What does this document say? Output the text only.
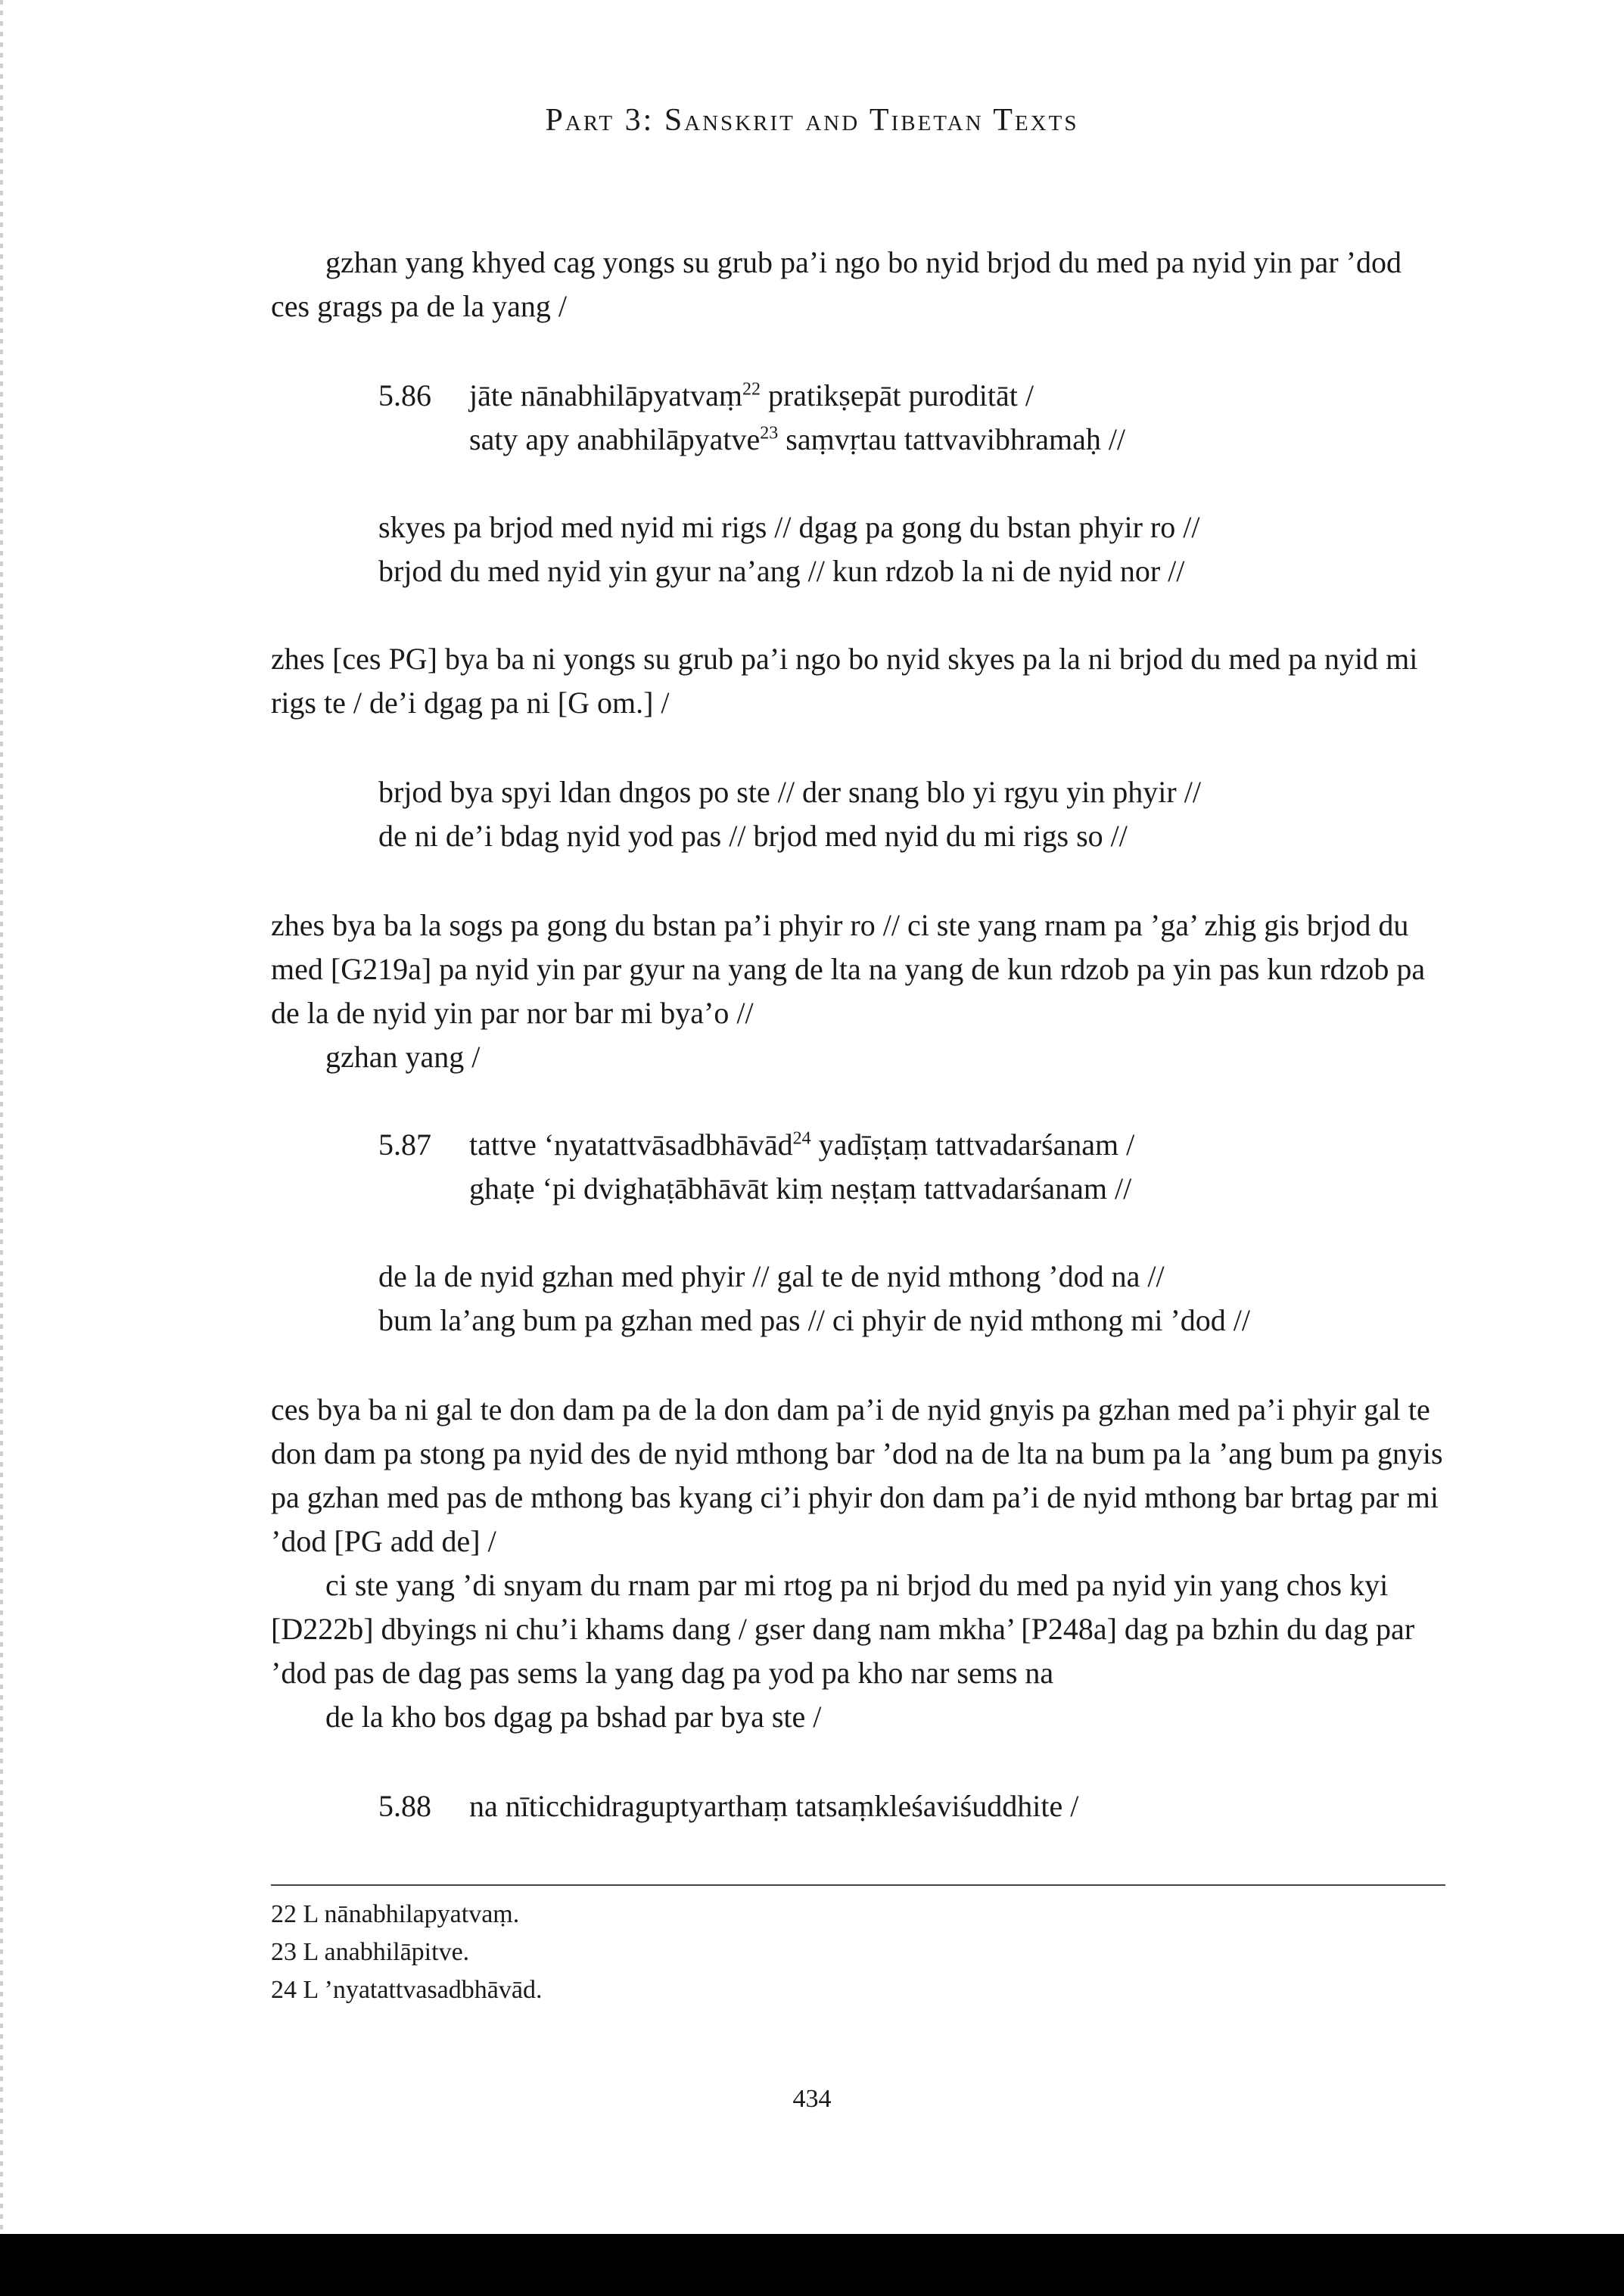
Part 3: Sanskrit and Tibetan Texts

gzhan yang khyed cag yongs su grub pa’i ngo bo nyid brjod du med pa nyid yin par ’dod ces grags pa de la yang /

5.86 jāte nānabhilāpyatvaṃ$^{22}$ pratikṣepāt puroditāt /
saty apy anabhilāpyatve$^{23}$ saṃvṛtau tattvavibhramaḥ //
skyes pa brjod med nyid mi rigs // dgag pa gong du bstan phyir ro //
brjod du med nyid yin gyur na’ang // kun rdzob la ni de nyid nor //

zhes [ces PG] bya ba ni yongs su grub pa’i ngo bo nyid skyes pa la ni brjod du med pa nyid mi rigs te / de’i dgag pa ni [G om.] /

brjod bya spyi ldan dngos po ste // der snang blo yi rgyu yin phyir //
de ni de’i bdag nyid yod pas // brjod med nyid du mi rigs so //

zhes bya ba la sogs pa gong du bstan pa’i phyir ro // ci ste yang rnam pa ’ga’ zhig gis brjod du med [G219a] pa nyid yin par gyur na yang de lta na yang de kun rdzob pa yin pas kun rdzob pa de la de nyid yin par nor bar mi bya’o //

gzhan yang /

5.87 tattve ‘nyatattvāsadbhāvād$^{24}$ yadīṣṭaṃ tattvadarśanam /
ghaṭe ‘pi dvighaṭābhāvāt kiṃ neṣṭaṃ tattvadarśanam //
de la de nyid gzhan med phyir // gal te de nyid mthong ’dod na //
bum la’ang bum pa gzhan med pas // ci phyir de nyid mthong mi ’dod //

ces bya ba ni gal te don dam pa de la don dam pa’i de nyid gnyis pa gzhan med pa’i phyir gal te don dam pa stong pa nyid des de nyid mthong bar ’dod na de lta na bum pa la ’ang bum pa gnyis pa gzhan med pas de mthong bas kyang ci’i phyir don dam pa’i de nyid mthong bar brtag par mi ’dod [PG add de] /

ci ste yang ’di snyam du rnam par mi rtog pa ni brjod du med pa nyid yin yang chos kyi [D222b] dbyings ni chu’i khams dang / gser dang nam mkha’ [P248a] dag pa bzhin du dag par ’dod pas de dag pas sems la yang dag pa yod pa kho nar sems na

de la kho bos dgag pa bshad par bya ste /

5.88 na nīticchidraguptyarthaṃ tatsaṃkleśaviśuddhite /
22 L nānabhilapyatvaṃ.
23 L anabhilāpitve.
24 L ’nyatattvasadbhāvād.
434
